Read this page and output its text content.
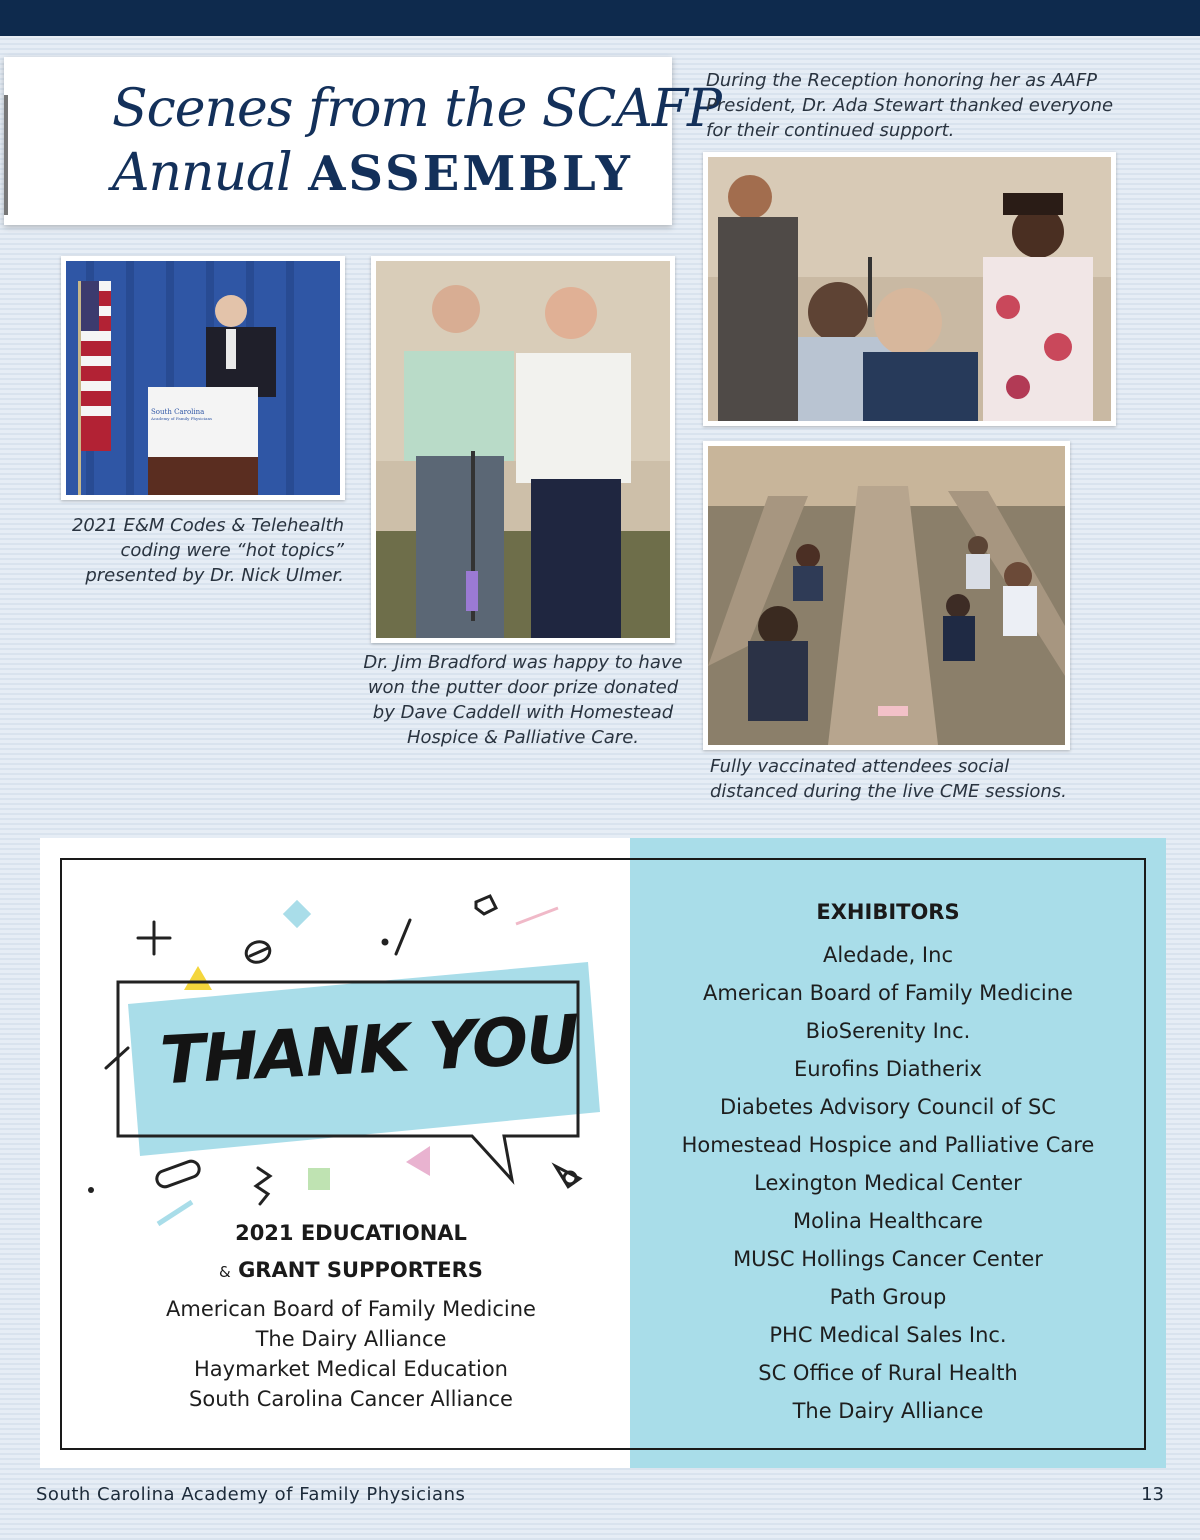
Scenes from the SCAFP
Annual ASSEMBLY
During the Reception honoring her as AAFP
President, Dr. Ada Stewart thanked everyone
for their continued support.
South Carolina
Academy of Family Physicians
2021 E&M Codes & Telehealth
coding were “hot topics”
presented by Dr. Nick Ulmer.
Dr. Jim Bradford was happy to have
won the putter door prize donated
by Dave Caddell with Homestead
Hospice & Palliative Care.
Fully vaccinated attendees social
distanced during the live CME sessions.
THANK YOU
2021 EDUCATIONAL
& GRANT SUPPORTERS
American Board of Family Medicine
The Dairy Alliance
Haymarket Medical Education
South Carolina Cancer Alliance
EXHIBITORS
Aledade, Inc
American Board of Family Medicine
BioSerenity Inc.
Eurofins Diatherix
Diabetes Advisory Council of SC
Homestead Hospice and Palliative Care
Lexington Medical Center
Molina Healthcare
MUSC Hollings Cancer Center
Path Group
PHC Medical Sales Inc.
SC Office of Rural Health
The Dairy Alliance
South Carolina Academy of Family Physicians	13
